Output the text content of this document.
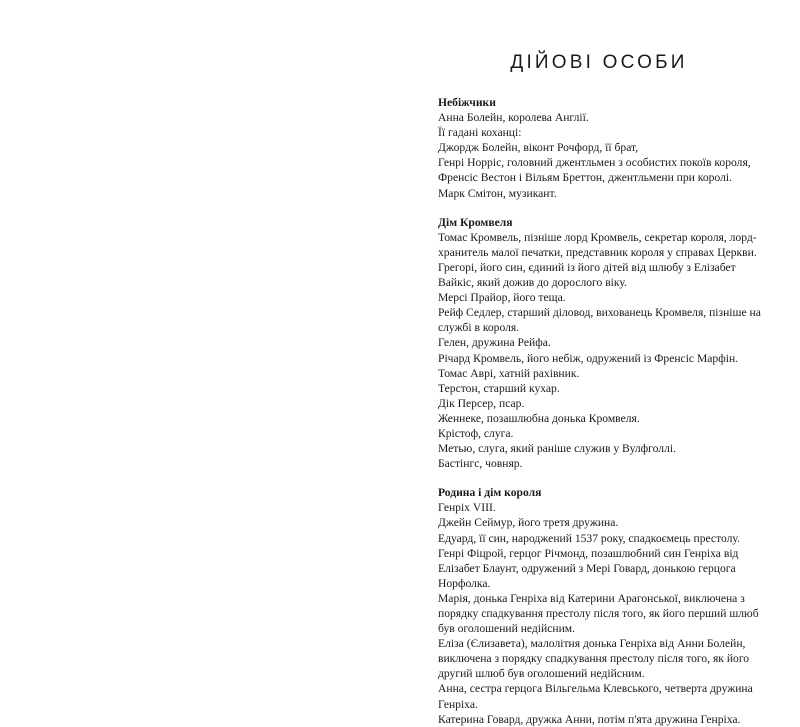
ДІЙОВІ ОСОБИ

Небіжчики

Анна Болейн, королева Англії.

Її гадані коханці:

Джордж Болейн, віконт Рочфорд, її брат,

Генрі Норріс, головний джентльмен з особистих покоїв короля,

Френсіс Вестон і Вільям Бреттон, джентльмени при королі.

Марк Смітон, музикант.

Дім Кромвеля

Томас Кромвель, пізніше лорд Кромвель, секретар короля, лорд-хранитель малої печатки, представник короля у справах Церкви.

Грегорі, його син, єдиний із його дітей від шлюбу з Елізабет Вайкіс, який дожив до дорослого віку.

Мерсі Прайор, його теща.

Рейф Седлер, старший діловод, вихованець Кромвеля, пізніше на службі в короля.

Гелен, дружина Рейфа.

Річард Кромвель, його небіж, одружений із Френсіс Марфін.

Томас Аврі, хатній рахівник.

Терстон, старший кухар.

Дік Персер, псар.

Женнеке, позашлюбна донька Кромвеля.

Крістоф, слуга.

Метью, слуга, який раніше служив у Вулфголлі.

Бастінгс, човняр.

Родина і дім короля

Генріх VIII.

Джейн Сеймур, його третя дружина.

Едуард, її син, народжений 1537 року, спадкоємець престолу.

Генрі Фіцрой, герцог Річмонд, позашлюбний син Генріха від Елізабет Блаунт, одружений з Мері Говард, донькою герцога Норфолка.

Марія, донька Генріха від Катерини Арагонської, виключена з порядку спадкування престолу після того, як його перший шлюб був оголошений недійсним.

Еліза (Єлизавета), малолітня донька Генріха від Анни Болейн, виключена з порядку спадкування престолу після того, як його другий шлюб був оголошений недійсним.

Анна, сестра герцога Вільгельма Клевського, четверта дружина Генріха.

Катерина Говард, дружка Анни, потім п'ята дружина Генріха.
